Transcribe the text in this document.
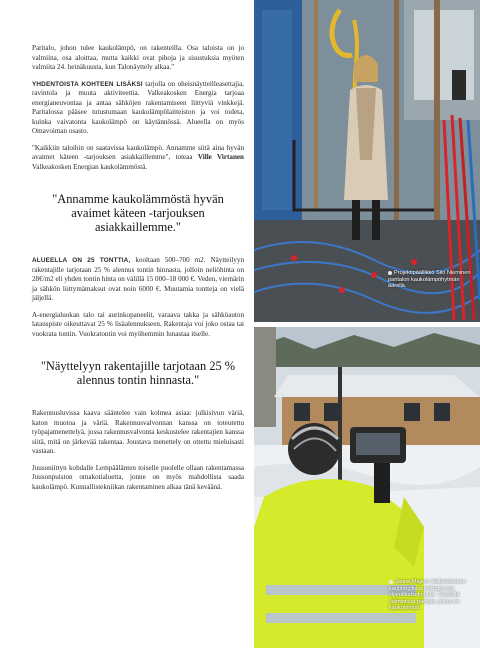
Paritalo, johon tulee kaukolämpö, on rakenteilla. Osa taloista on jo valmiina, osa aloittaa, mutta kaikki ovat pihoja ja sisustuksia myöten valmiita 24. heinäkuusta, kun Talonäyttely alkaa."

YHDENTOISTA KOHTEEN LISÄKSI tarjolla on oheisnäytteilleasettajia, ravintola ja muuta aktiviteettia. Valkeakosken Energia tarjoaa energianeuvontaa ja antaa sähköjen rakentamiseen liittyviä vinkkejä. Paritalossa pääsee tutustumaan kaukolämpölaitteiston ja voi todeta, kuinka vaivatonta kaukolämpö on käytännössä. Alueella on myös Omavoiman osasto.

"Kaikkiin taloihin on saatavissa kaukolämpö. Annamme siitä aina hyvän avaimet käteen -tarjouksen asiakkaillemme", toteaa Ville Virtanen Valkeakosken Energian kaukolämmöstä.

"Annamme kaukolämmöstä hyvän avaimet käteen -tarjouksen asiakkaillemme."

ALUEELLA ON 25 TONTTIA, kooltaan 500–700 m2. Näytteilyyn rakentajille tarjotaan 25 % alennus tontin hinnasta, jolloin neliöhinta on 28€/m2 eli yhden tontin hinta on välillä 15 000–18 000 €. Veden, viemärin ja sähkön liittymämaksut ovat noin 6000 €. Muutamia tontteja on vielä jäljellä.

A-energialuokan talo tai aurinkopaneelit, varaava takka ja sähköauton latauspiste oikeuttavat 25 % lisäalennukseen. Rakentaja voi joko ostaa tai vuokrata tontin. Vuokratontin voi myöhemmin lunastaa itselle.

"Näyttelyyn rakentajille tarjotaan 25 % alennus tontin hinnasta."

Rakennusluvissa kaava sääntelee vain kolmea asiaa: julkisivun väriä, katon muotoa ja väriä. Rakennusvalvonnan kanssa on toteutettu työpajamenettelyä, jossa rakennusvalvonta keskustelee rakentajien kanssa siitä, mitä on järkevää rakentaa. Joustava menettely on ottettu mieluisasti vastaan.

Juusoniittyn kohdalle Lempäälänten toiselle puolelle ollaan rakentamassa Juusonpuiston omakotialuetta, jonne on myös mahdollista saada kaukolämpö. Kunnallistekniikan rakentaminen alkaa tänä keväänä.

Projektipäällikkö Siiri Nieminen paritalon kaukolämpöhytmän äärellä.
Jaana Majava Valkeakosken kaupungilta suorittamassa sijaintikatselmusta. Taustalla valmistuva paritalo, jossa on kaukolämpö.
